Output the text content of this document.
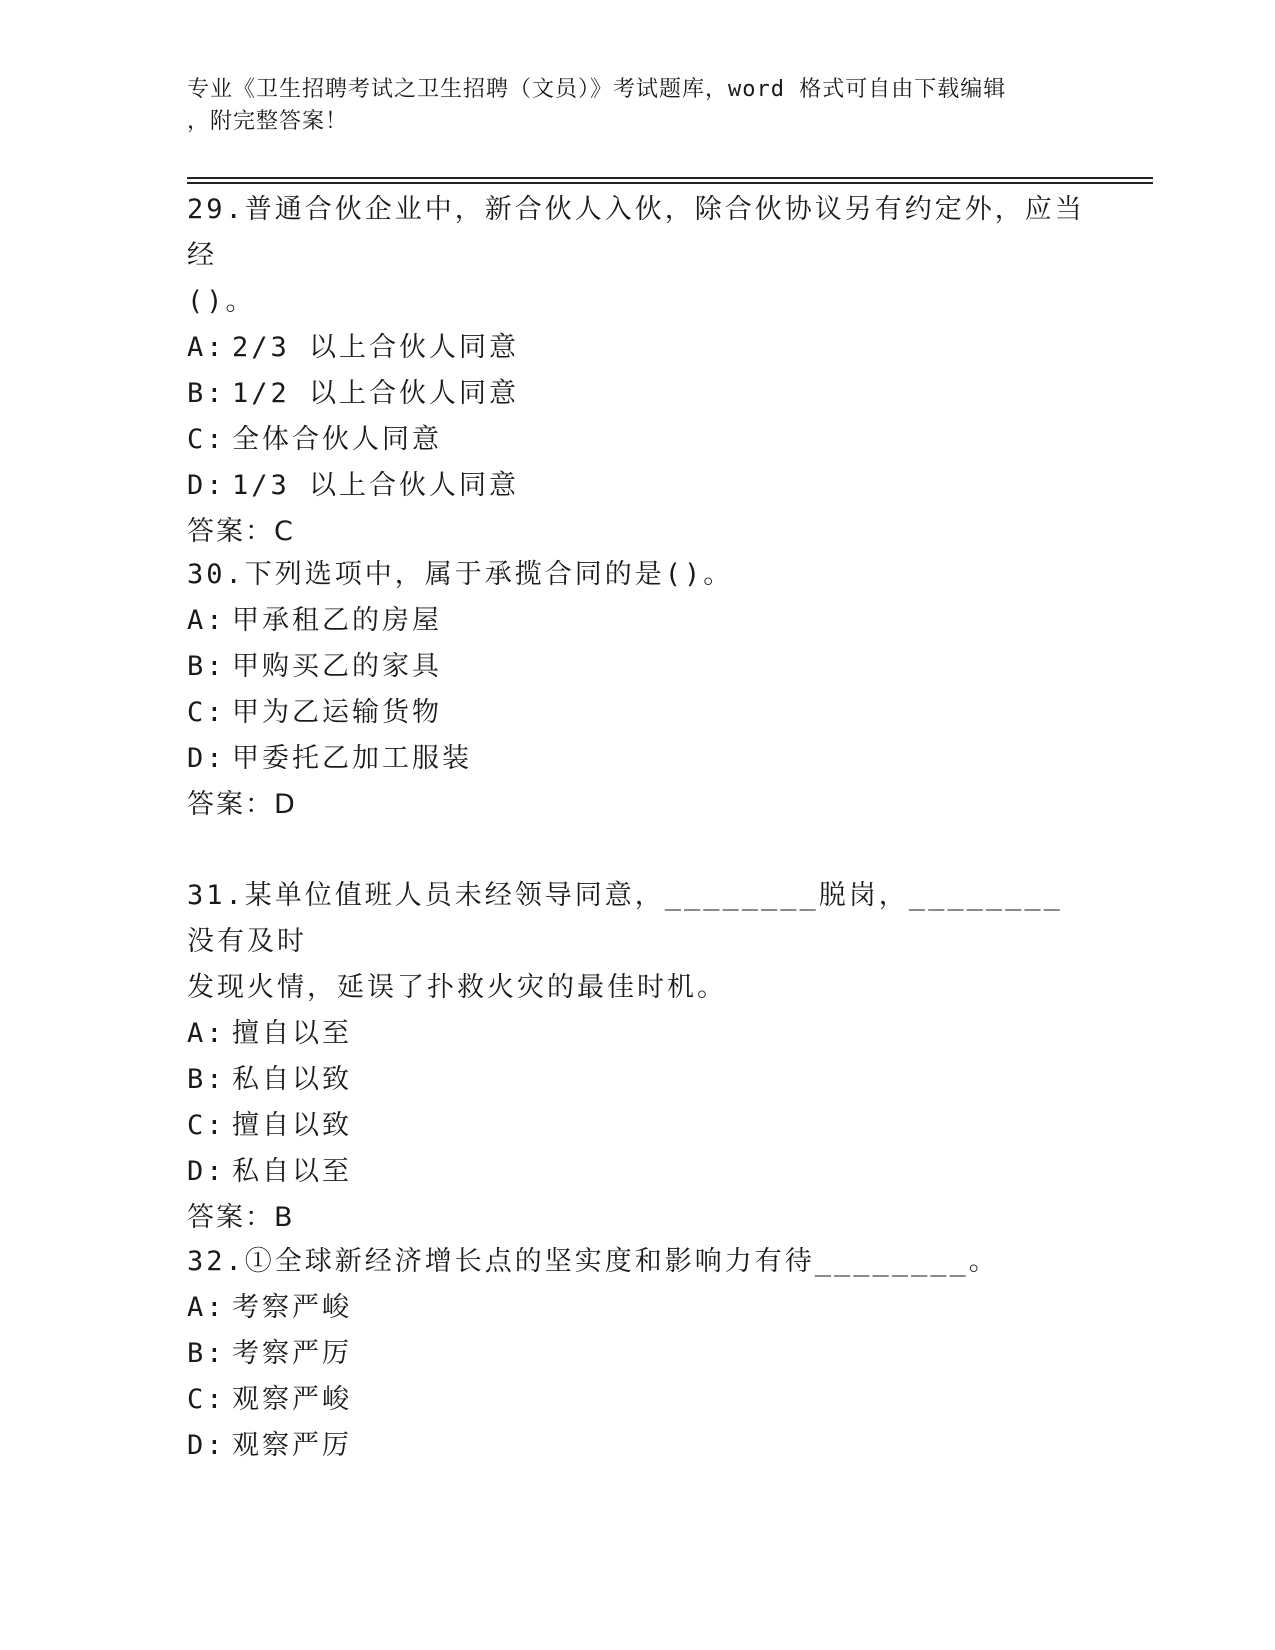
专业《卫生招聘考试之卫生招聘（文员）》考试题库，word 格式可自由下载编辑
，附完整答案！
29.普通合伙企业中，新合伙人入伙，除合伙协议另有约定外，应当经
()。
A: 2/3 以上合伙人同意
B: 1/2 以上合伙人同意
C: 全体合伙人同意
D: 1/3 以上合伙人同意
答案：C
30.下列选项中，属于承揽合同的是()。
A: 甲承租乙的房屋
B: 甲购买乙的家具
C: 甲为乙运输货物
D: 甲委托乙加工服装
答案：D
31.某单位值班人员未经领导同意，________脱岗，________没有及时
发现火情，延误了扑救火灾的最佳时机。
A: 擅自以至
B: 私自以致
C: 擅自以致
D: 私自以至
答案：B
32.①全球新经济增长点的坚实度和影响力有待________。
A: 考察严峻
B: 考察严厉
C: 观察严峻
D: 观察严厉
